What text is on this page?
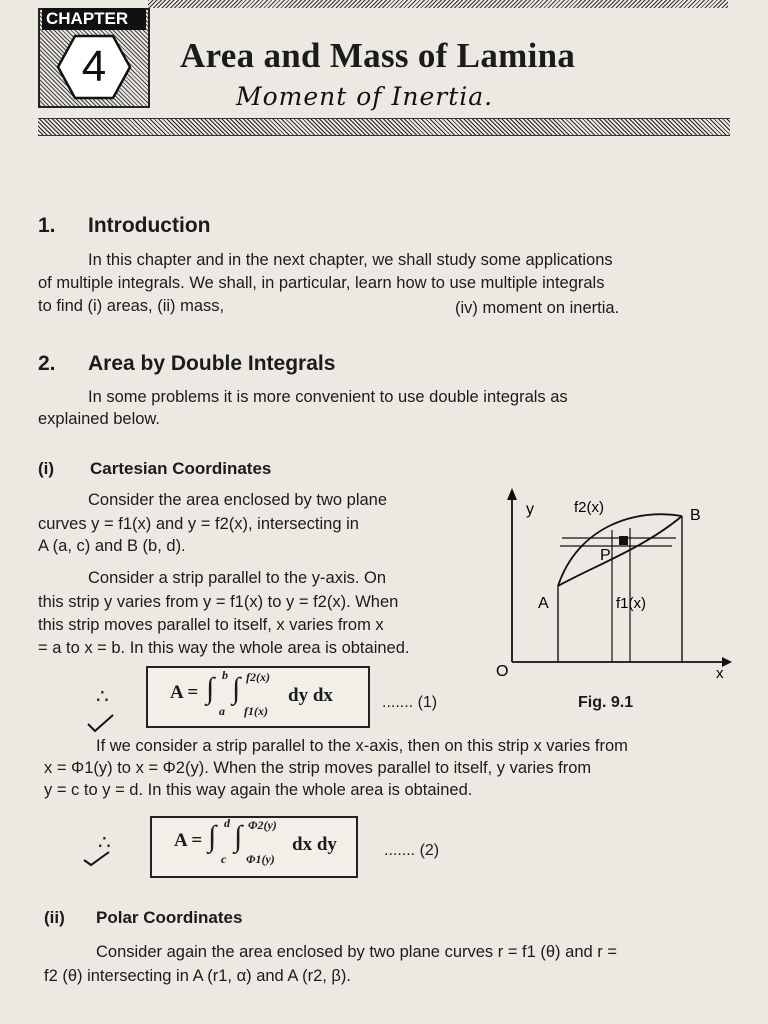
CHAPTER
4	Area and Mass of Lamina
Moment of Inertia.
1. Introduction
In this chapter and in the next chapter, we shall study some applications
of multiple integrals. We shall, in particular, learn how to use multiple integrals
to find (i) areas, (ii) mass,	(iv) moment on inertia.
2. Area by Double Integrals
In some problems it is more convenient to use double integrals as
explained below.
(i) Cartesian Coordinates
Consider the area enclosed by two plane
curves y = f1(x) and y = f2(x), intersecting in
A (a, c) and B (b, d).
Consider a strip parallel to the y-axis. On
this strip y varies from y = f1(x) to y = f2(x). When
this strip moves parallel to itself, x varies from x
= a to x = b. In this way the whole area is obtained.
∴	A = ∫ b
a
∫ f2(x)
f1(x)
dy dx	....... (1)
y	f2(x)	B
P
A	f1(x)
O	x
Fig. 9.1
If we consider a strip parallel to the x-axis, then on this strip x varies from
x = Φ1(y) to x = Φ2(y). When the strip moves parallel to itself, y varies from
y = c to y = d. In this way again the whole area is obtained.
∴	A = ∫ d
c
∫ Φ2(y)
Φ1(y)
dx dy	....... (2)
(ii) Polar Coordinates
Consider again the area enclosed by two plane curves r = f1 (θ) and r =
f2 (θ) intersecting in A (r1, α) and A (r2, β).
